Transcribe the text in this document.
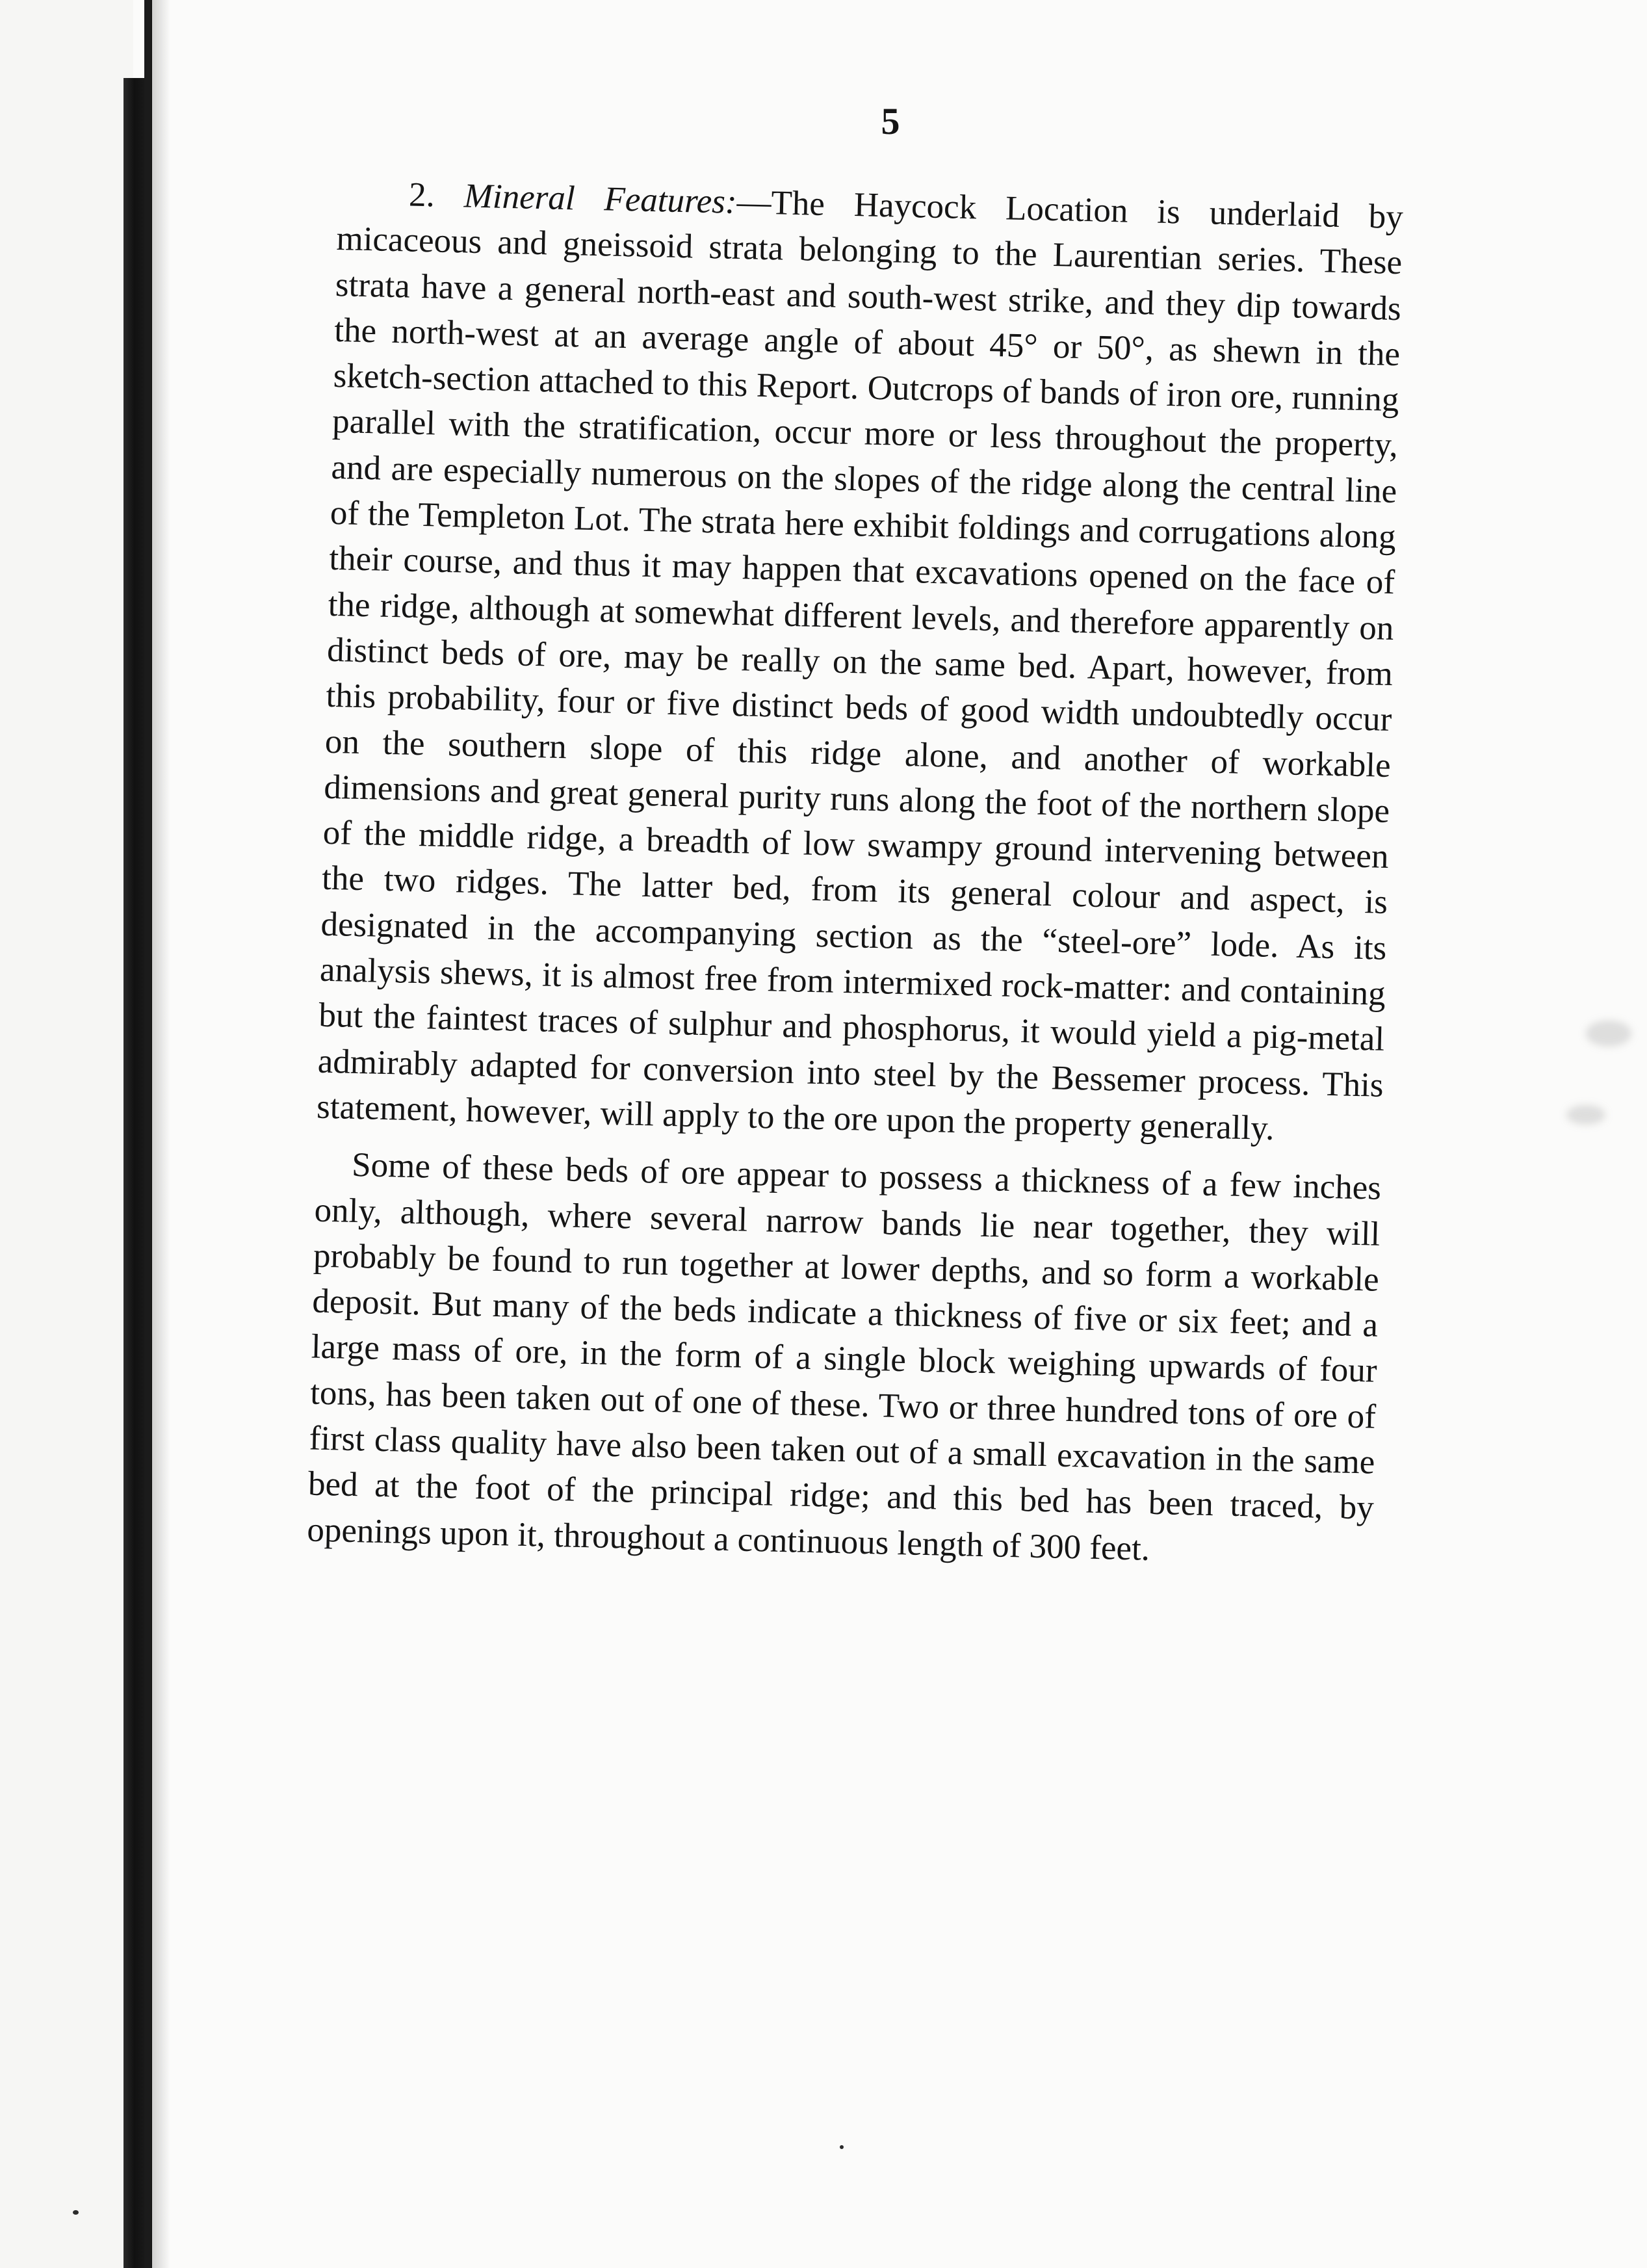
5

2. Mineral Features:—The Haycock Location is underlaid by micaceous and gneissoid strata belonging to the Laurentian series. These strata have a general north-east and south-west strike, and they dip towards the north-west at an average angle of about 45° or 50°, as shewn in the sketch-section attached to this Report. Outcrops of bands of iron ore, running parallel with the stratification, occur more or less throughout the property, and are especially numerous on the slopes of the ridge along the central line of the Templeton Lot. The strata here exhibit foldings and corrugations along their course, and thus it may happen that excavations opened on the face of the ridge, although at somewhat different levels, and therefore apparently on distinct beds of ore, may be really on the same bed. Apart, however, from this probability, four or five distinct beds of good width undoubtedly occur on the southern slope of this ridge alone, and another of workable dimensions and great general purity runs along the foot of the northern slope of the middle ridge, a breadth of low swampy ground intervening between the two ridges. The latter bed, from its general colour and aspect, is designated in the accompanying section as the “steel-ore” lode. As its analysis shews, it is almost free from intermixed rock-matter: and containing but the faintest traces of sulphur and phosphorus, it would yield a pig-metal admirably adapted for conversion into steel by the Bessemer process. This statement, however, will apply to the ore upon the property generally.

Some of these beds of ore appear to possess a thickness of a few inches only, although, where several narrow bands lie near together, they will probably be found to run together at lower depths, and so form a workable deposit. But many of the beds indicate a thickness of five or six feet; and a large mass of ore, in the form of a single block weighing upwards of four tons, has been taken out of one of these. Two or three hundred tons of ore of first class quality have also been taken out of a small excavation in the same bed at the foot of the principal ridge; and this bed has been traced, by openings upon it, throughout a continuous length of 300 feet.
